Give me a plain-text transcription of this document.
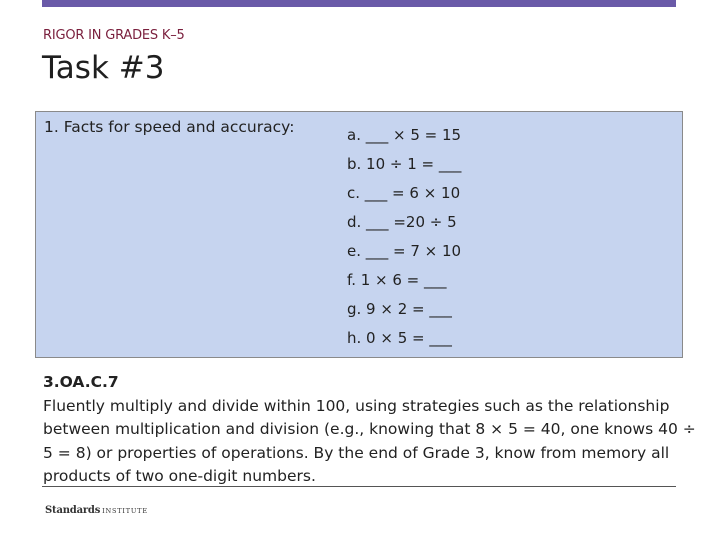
RIGOR IN GRADES K–5
Task #3
1. Facts for speed and accuracy:	a. ___ × 5 = 15
b. 10 ÷ 1 = ___
c. ___ = 6 × 10
d. ___ =20 ÷ 5
e. ___ = 7 × 10
f. 1 × 6 = ___
g. 9 × 2 = ___
h. 0 × 5 = ___
3.OA.C.7
Fluently multiply and divide within 100, using strategies such as the relationship between multiplication and division (e.g., knowing that 8 × 5 = 40, one knows 40 ÷ 5 = 8) or properties of operations. By the end of Grade 3, know from memory all products of two one-digit numbers.
Standards INSTITUTE
